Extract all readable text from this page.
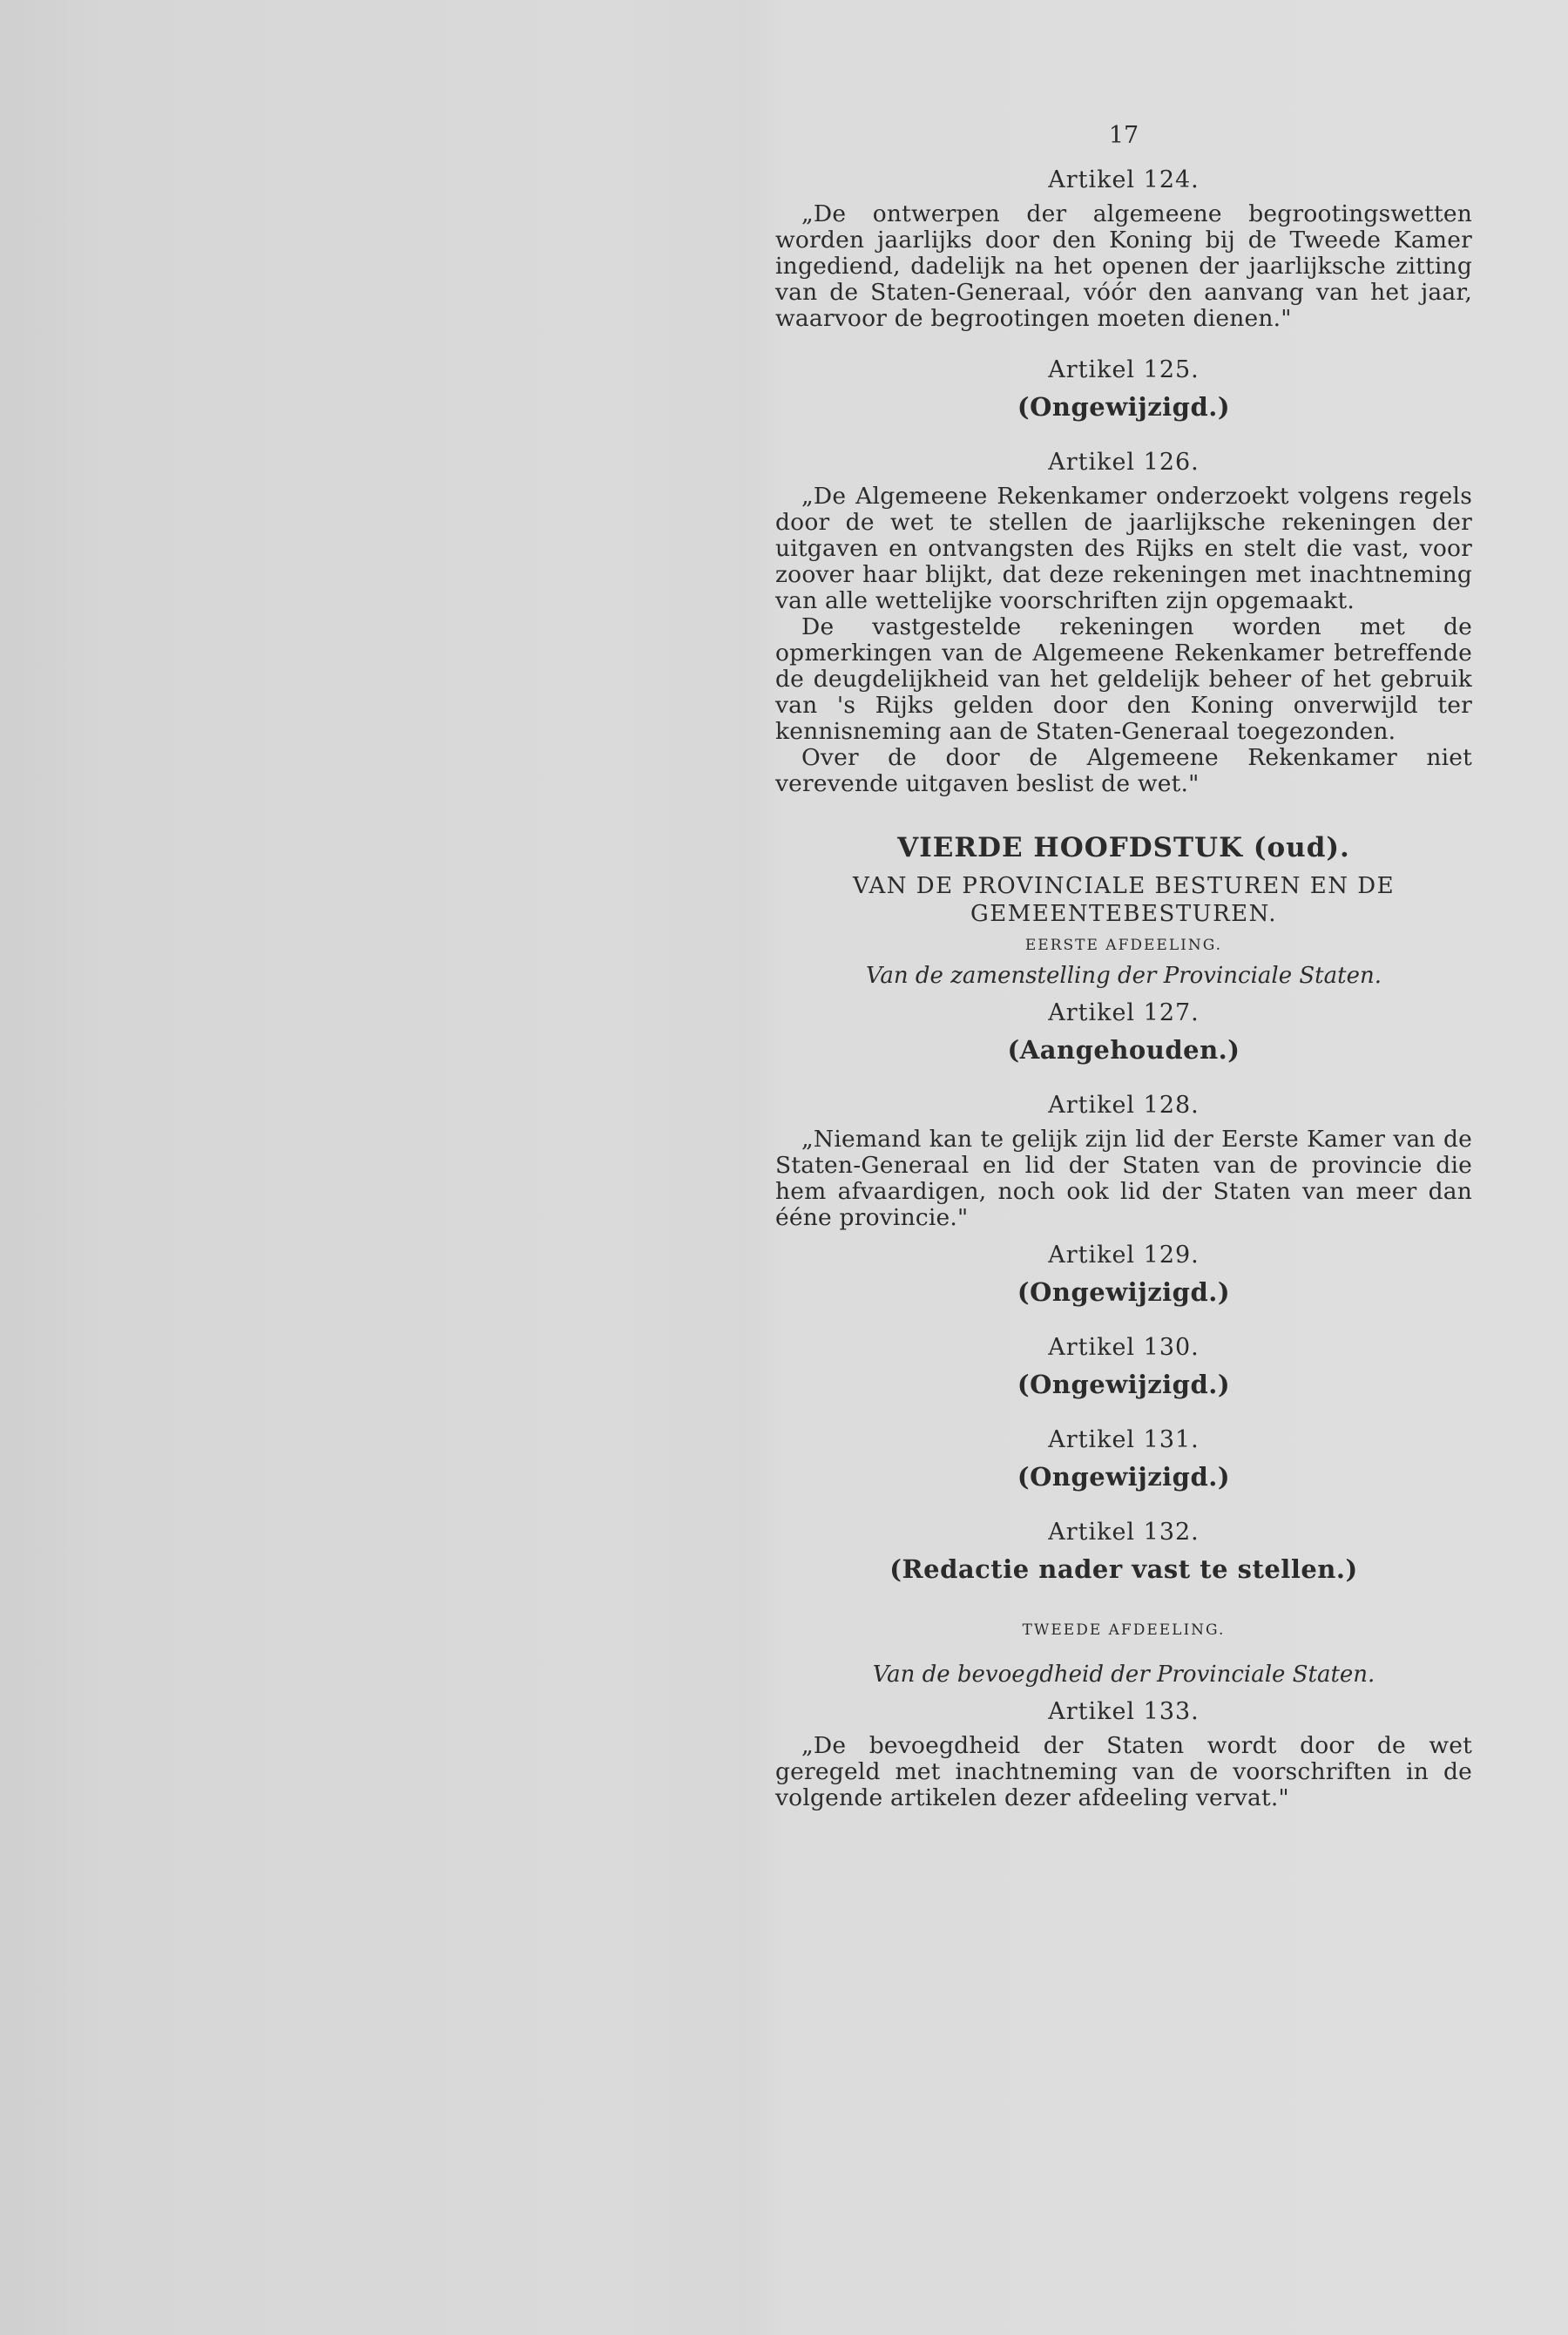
17

Artikel 124.

„De ontwerpen der algemeene begrootingswetten worden jaarlijks door den Koning bij de Tweede Kamer ingediend, dadelijk na het openen der jaarlijksche zitting van de Staten-Generaal, vóór den aanvang van het jaar, waarvoor de begrootingen moeten dienen."

Artikel 125.

(Ongewijzigd.)

Artikel 126.

„De Algemeene Rekenkamer onderzoekt volgens regels door de wet te stellen de jaarlijksche rekeningen der uitgaven en ontvangsten des Rijks en stelt die vast, voor zoover haar blijkt, dat deze rekeningen met inachtneming van alle wettelijke voorschriften zijn opgemaakt.

De vastgestelde rekeningen worden met de opmerkingen van de Algemeene Rekenkamer betreffende de deugdelijkheid van het geldelijk beheer of het gebruik van 's Rijks gelden door den Koning onverwijld ter kennisneming aan de Staten-Generaal toegezonden.

Over de door de Algemeene Rekenkamer niet verevende uitgaven beslist de wet."

VIERDE HOOFDSTUK (oud).

VAN DE PROVINCIALE BESTUREN EN DE

GEMEENTEBESTUREN.

EERSTE AFDEELING.

Van de zamenstelling der Provinciale Staten.

Artikel 127.

(Aangehouden.)

Artikel 128.

„Niemand kan te gelijk zijn lid der Eerste Kamer van de Staten-Generaal en lid der Staten van de provincie die hem afvaardigen, noch ook lid der Staten van meer dan ééne provincie."

Artikel 129.

(Ongewijzigd.)

Artikel 130.

(Ongewijzigd.)

Artikel 131.

(Ongewijzigd.)

Artikel 132.

(Redactie nader vast te stellen.)

TWEEDE AFDEELING.

Van de bevoegdheid der Provinciale Staten.

Artikel 133.

„De bevoegdheid der Staten wordt door de wet geregeld met inachtneming van de voorschriften in de volgende artikelen dezer afdeeling vervat."
